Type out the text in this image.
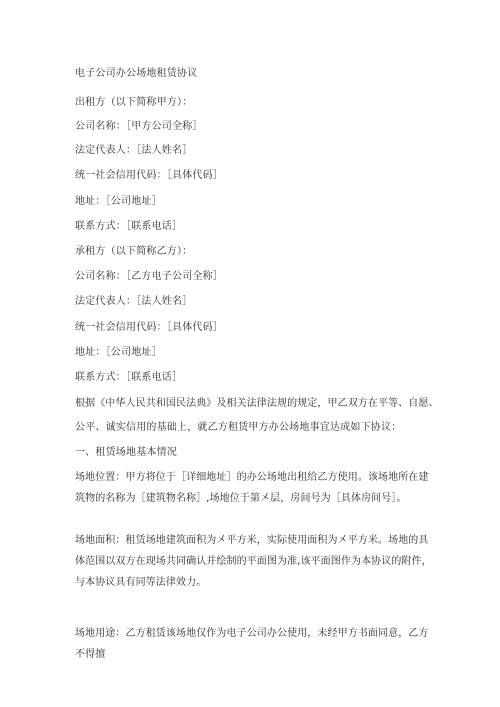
电子公司办公场地租赁协议
出租方（以下简称甲方）：
公司名称：［甲方公司全称］
法定代表人：［法人姓名］
统一社会信用代码：［具体代码］
地址：［公司地址］
联系方式：［联系电话］
承租方（以下简称乙方）：
公司名称：［乙方电子公司全称］
法定代表人：［法人姓名］
统一社会信用代码：［具体代码］
地址：［公司地址］
联系方式：［联系电话］
根据《中华人民共和国民法典》及相关法律法规的规定，甲乙双方在平等、自愿、
公平、诚实信用的基础上，就乙方租赁甲方办公场地事宜达成如下协议：
一、租赁场地基本情况
场地位置：甲方将位于［详细地址］的办公场地出租给乙方使用。该场地所在建筑物的名称为［建筑物名称］,场地位于第㐅层，房间号为［具体房间号］。
场地面积：租赁场地建筑面积为㐅平方米，实际使用面积为㐅平方米。场地的具体范围以双方在现场共同确认并绘制的平面图为准,该平面图作为本协议的附件，与本协议具有同等法律效力。
场地用途：乙方租赁该场地仅作为电子公司办公使用，未经甲方书面同意，乙方不得擅
